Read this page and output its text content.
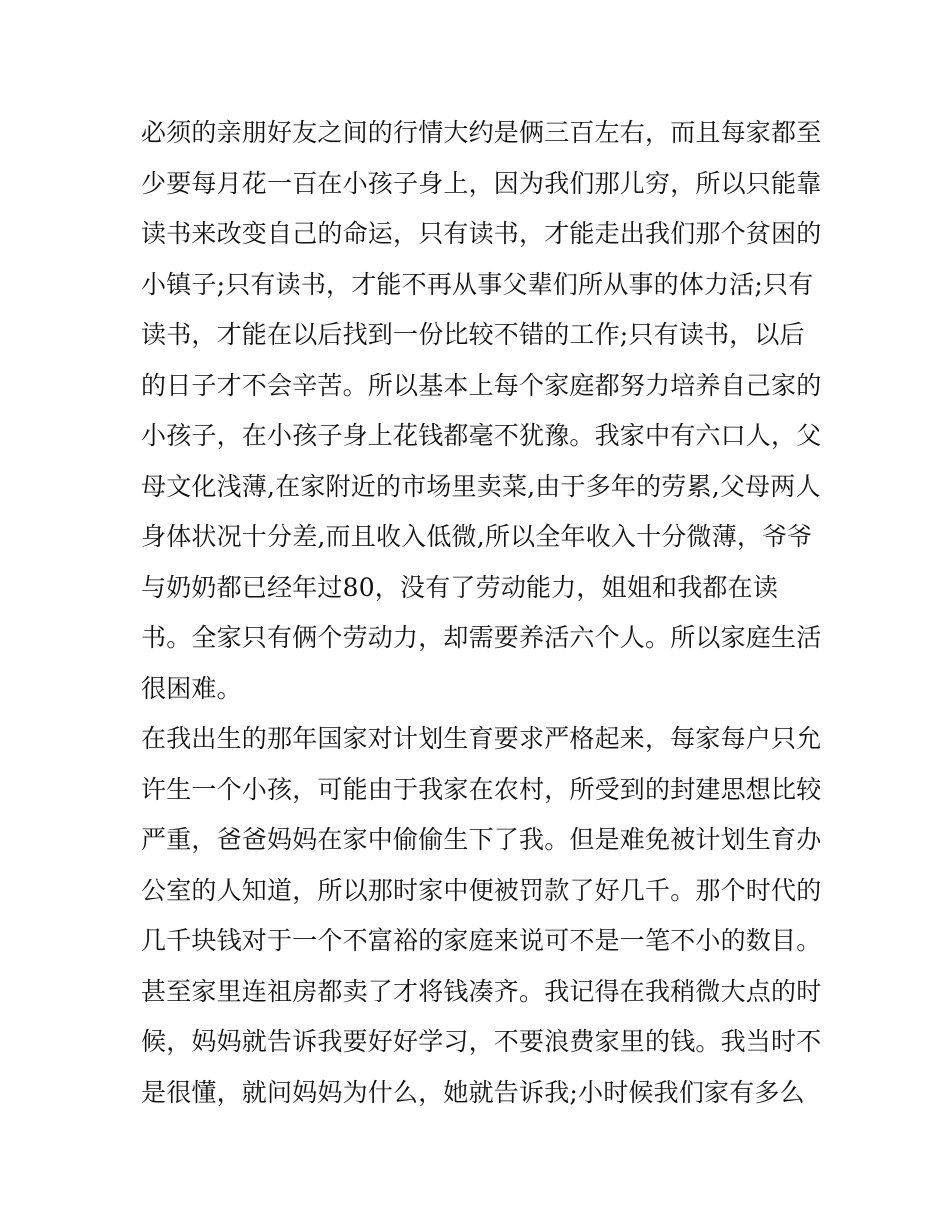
必须的亲朋好友之间的行情大约是俩三百左右，而且每家都至
少要每月花一百在小孩子身上，因为我们那儿穷，所以只能靠
读书来改变自己的命运，只有读书，才能走出我们那个贫困的
小镇子;只有读书，才能不再从事父辈们所从事的体力活;只有
读书，才能在以后找到一份比较不错的工作;只有读书，以后
的日子才不会辛苦。所以基本上每个家庭都努力培养自己家的
小孩子，在小孩子身上花钱都毫不犹豫。我家中有六口人，父
母文化浅薄,在家附近的市场里卖菜,由于多年的劳累,父母两人
身体状况十分差,而且收入低微,所以全年收入十分微薄，爷爷
与奶奶都已经年过80，没有了劳动能力，姐姐和我都在读
书。全家只有俩个劳动力，却需要养活六个人。所以家庭生活
很困难。
在我出生的那年国家对计划生育要求严格起来，每家每户只允
许生一个小孩，可能由于我家在农村，所受到的封建思想比较
严重，爸爸妈妈在家中偷偷生下了我。但是难免被计划生育办
公室的人知道，所以那时家中便被罚款了好几千。那个时代的
几千块钱对于一个不富裕的家庭来说可不是一笔不小的数目。
甚至家里连祖房都卖了才将钱凑齐。我记得在我稍微大点的时
候，妈妈就告诉我要好好学习，不要浪费家里的钱。我当时不
是很懂，就问妈妈为什么，她就告诉我;小时候我们家有多么
